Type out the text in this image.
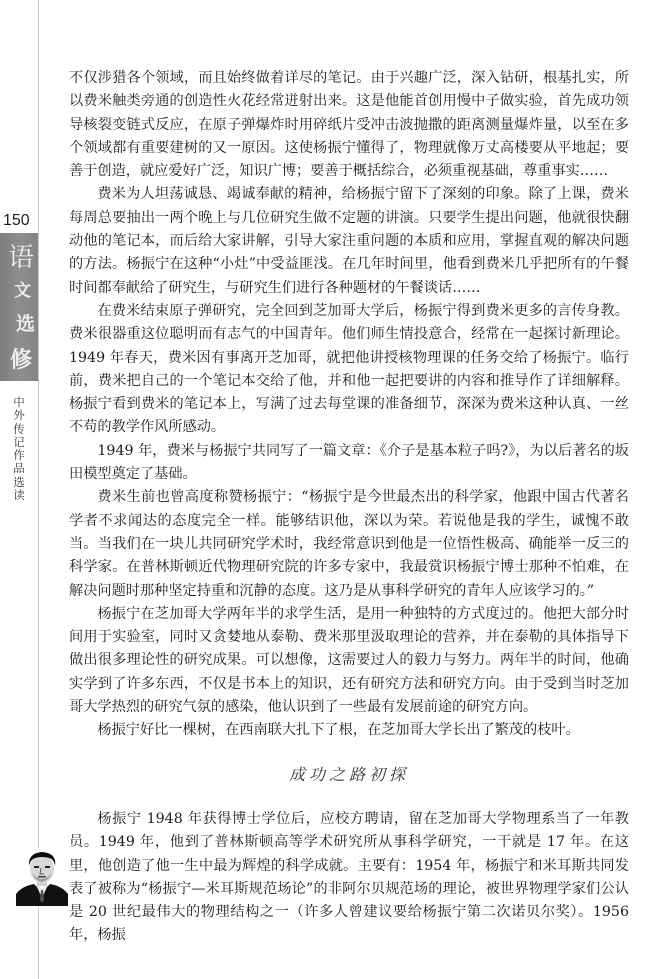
150
语
文
选
修
中外传记作品选读

不仅涉猎各个领域，而且始终做着详尽的笔记。由于兴趣广泛，深入钻研，根基扎实，所以费米触类旁通的创造性火花经常迸射出来。这是他能首创用慢中子做实验，首先成功领导核裂变链式反应，在原子弹爆炸时用碎纸片受冲击波抛撒的距离测量爆炸量，以至在多个领域都有重要建树的又一原因。这使杨振宁懂得了，物理就像万丈高楼要从平地起；要善于创造，就应爱好广泛，知识广博；要善于概括综合，必须重视基础，尊重事实……

费米为人坦荡诚恳、竭诚奉献的精神，给杨振宁留下了深刻的印象。除了上课，费米每周总要抽出一两个晚上与几位研究生做不定题的讲演。只要学生提出问题，他就很快翻动他的笔记本，而后给大家讲解，引导大家注重问题的本质和应用，掌握直观的解决问题的方法。杨振宁在这种“小灶”中受益匪浅。在几年时间里，他看到费米几乎把所有的午餐时间都奉献给了研究生，与研究生们进行各种题材的午餐谈话……

在费米结束原子弹研究，完全回到芝加哥大学后，杨振宁得到费米更多的言传身教。费米很器重这位聪明而有志气的中国青年。他们师生情投意合，经常在一起探讨新理论。1949 年春天，费米因有事离开芝加哥，就把他讲授核物理课的任务交给了杨振宁。临行前，费米把自己的一个笔记本交给了他，并和他一起把要讲的内容和推导作了详细解释。杨振宁看到费米的笔记本上，写满了过去每堂课的准备细节，深深为费米这种认真、一丝不苟的教学作风所感动。

1949 年，费米与杨振宁共同写了一篇文章：《介子是基本粒子吗?》，为以后著名的坂田模型奠定了基础。

费米生前也曾高度称赞杨振宁：“杨振宁是今世最杰出的科学家，他跟中国古代著名学者不求闻达的态度完全一样。能够结识他，深以为荣。若说他是我的学生，诚愧不敢当。当我们在一块儿共同研究学术时，我经常意识到他是一位悟性极高、确能举一反三的科学家。在普林斯顿近代物理研究院的许多专家中，我最赏识杨振宁博士那种不怕难，在解决问题时那种坚定持重和沉静的态度。这乃是从事科学研究的青年人应该学习的。”

杨振宁在芝加哥大学两年半的求学生活，是用一种独特的方式度过的。他把大部分时间用于实验室，同时又贪婪地从泰勒、费米那里汲取理论的营养，并在泰勒的具体指导下做出很多理论性的研究成果。可以想像，这需要过人的毅力与努力。两年半的时间，他确实学到了许多东西，不仅是书本上的知识，还有研究方法和研究方向。由于受到当时芝加哥大学热烈的研究气氛的感染，他认识到了一些最有发展前途的研究方向。

杨振宁好比一棵树，在西南联大扎下了根，在芝加哥大学长出了繁茂的枝叶。

成功之路初探

杨振宁 1948 年获得博士学位后，应校方聘请，留在芝加哥大学物理系当了一年教员。1949 年，他到了普林斯顿高等学术研究所从事科学研究，一干就是 17 年。在这里，他创造了他一生中最为辉煌的科学成就。主要有：1954 年，杨振宁和米耳斯共同发表了被称为“杨振宁—米耳斯规范场论”的非阿尔贝规范场的理论，被世界物理学家们公认是 20 世纪最伟大的物理结构之一（许多人曾建议要给杨振宁第二次诺贝尔奖）。1956 年，杨振
